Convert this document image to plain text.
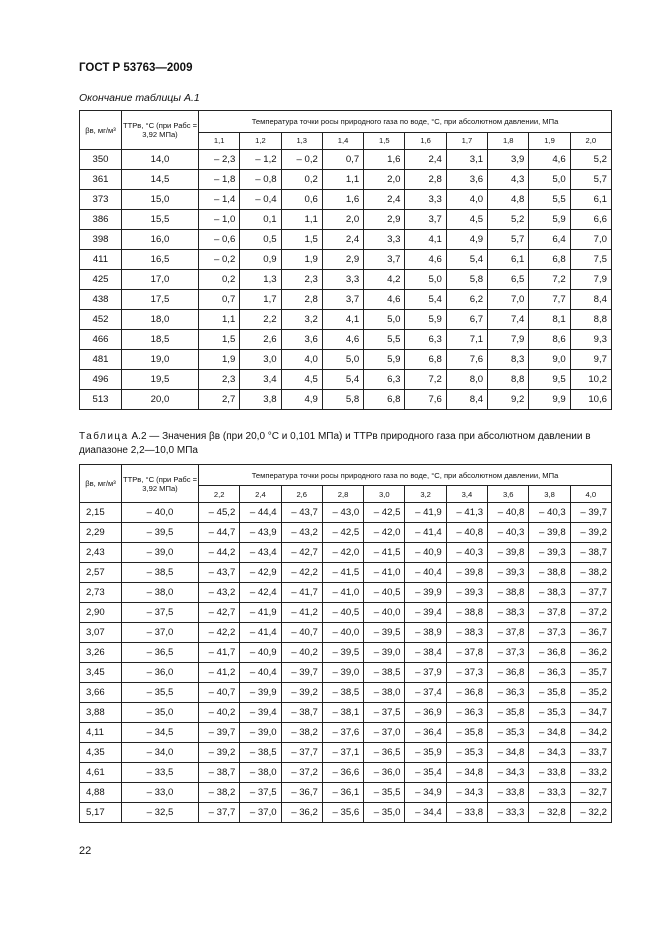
ГОСТ Р 53763—2009
Окончание таблицы А.1
βв, мг/м³	ТТРв, °С (при Рабс = 3,92 МПа)	Температура точки росы природного газа по воде, °С, при абсолютном давлении, МПа									
		1,1	1,2	1,3	1,4	1,5	1,6	1,7	1,8	1,9	2,0
350	14,0	– 2,3	– 1,2	– 0,2	0,7	1,6	2,4	3,1	3,9	4,6	5,2
361	14,5	– 1,8	– 0,8	0,2	1,1	2,0	2,8	3,6	4,3	5,0	5,7
373	15,0	– 1,4	– 0,4	0,6	1,6	2,4	3,3	4,0	4,8	5,5	6,1
386	15,5	– 1,0	0,1	1,1	2,0	2,9	3,7	4,5	5,2	5,9	6,6
398	16,0	– 0,6	0,5	1,5	2,4	3,3	4,1	4,9	5,7	6,4	7,0
411	16,5	– 0,2	0,9	1,9	2,9	3,7	4,6	5,4	6,1	6,8	7,5
425	17,0	0,2	1,3	2,3	3,3	4,2	5,0	5,8	6,5	7,2	7,9
438	17,5	0,7	1,7	2,8	3,7	4,6	5,4	6,2	7,0	7,7	8,4
452	18,0	1,1	2,2	3,2	4,1	5,0	5,9	6,7	7,4	8,1	8,8
466	18,5	1,5	2,6	3,6	4,6	5,5	6,3	7,1	7,9	8,6	9,3
481	19,0	1,9	3,0	4,0	5,0	5,9	6,8	7,6	8,3	9,0	9,7
496	19,5	2,3	3,4	4,5	5,4	6,3	7,2	8,0	8,8	9,5	10,2
513	20,0	2,7	3,8	4,9	5,8	6,8	7,6	8,4	9,2	9,9	10,6
Таблица А.2 — Значения βв (при 20,0 °С и 0,101 МПа) и ТТРв природного газа при абсолютном давлении в диапазоне 2,2—10,0 МПа
βв, мг/м³	ТТРв, °С (при Рабс = 3,92 МПа)	Температура точки росы природного газа по воде, °С, при абсолютном давлении, МПа									
		2,2	2,4	2,6	2,8	3,0	3,2	3,4	3,6	3,8	4,0
2,15	– 40,0	– 45,2	– 44,4	– 43,7	– 43,0	– 42,5	– 41,9	– 41,3	– 40,8	– 40,3	– 39,7
2,29	– 39,5	– 44,7	– 43,9	– 43,2	– 42,5	– 42,0	– 41,4	– 40,8	– 40,3	– 39,8	– 39,2
2,43	– 39,0	– 44,2	– 43,4	– 42,7	– 42,0	– 41,5	– 40,9	– 40,3	– 39,8	– 39,3	– 38,7
2,57	– 38,5	– 43,7	– 42,9	– 42,2	– 41,5	– 41,0	– 40,4	– 39,8	– 39,3	– 38,8	– 38,2
2,73	– 38,0	– 43,2	– 42,4	– 41,7	– 41,0	– 40,5	– 39,9	– 39,3	– 38,8	– 38,3	– 37,7
2,90	– 37,5	– 42,7	– 41,9	– 41,2	– 40,5	– 40,0	– 39,4	– 38,8	– 38,3	– 37,8	– 37,2
3,07	– 37,0	– 42,2	– 41,4	– 40,7	– 40,0	– 39,5	– 38,9	– 38,3	– 37,8	– 37,3	– 36,7
3,26	– 36,5	– 41,7	– 40,9	– 40,2	– 39,5	– 39,0	– 38,4	– 37,8	– 37,3	– 36,8	– 36,2
3,45	– 36,0	– 41,2	– 40,4	– 39,7	– 39,0	– 38,5	– 37,9	– 37,3	– 36,8	– 36,3	– 35,7
3,66	– 35,5	– 40,7	– 39,9	– 39,2	– 38,5	– 38,0	– 37,4	– 36,8	– 36,3	– 35,8	– 35,2
3,88	– 35,0	– 40,2	– 39,4	– 38,7	– 38,1	– 37,5	– 36,9	– 36,3	– 35,8	– 35,3	– 34,7
4,11	– 34,5	– 39,7	– 39,0	– 38,2	– 37,6	– 37,0	– 36,4	– 35,8	– 35,3	– 34,8	– 34,2
4,35	– 34,0	– 39,2	– 38,5	– 37,7	– 37,1	– 36,5	– 35,9	– 35,3	– 34,8	– 34,3	– 33,7
4,61	– 33,5	– 38,7	– 38,0	– 37,2	– 36,6	– 36,0	– 35,4	– 34,8	– 34,3	– 33,8	– 33,2
4,88	– 33,0	– 38,2	– 37,5	– 36,7	– 36,1	– 35,5	– 34,9	– 34,3	– 33,8	– 33,3	– 32,7
5,17	– 32,5	– 37,7	– 37,0	– 36,2	– 35,6	– 35,0	– 34,4	– 33,8	– 33,3	– 32,8	– 32,2
22
